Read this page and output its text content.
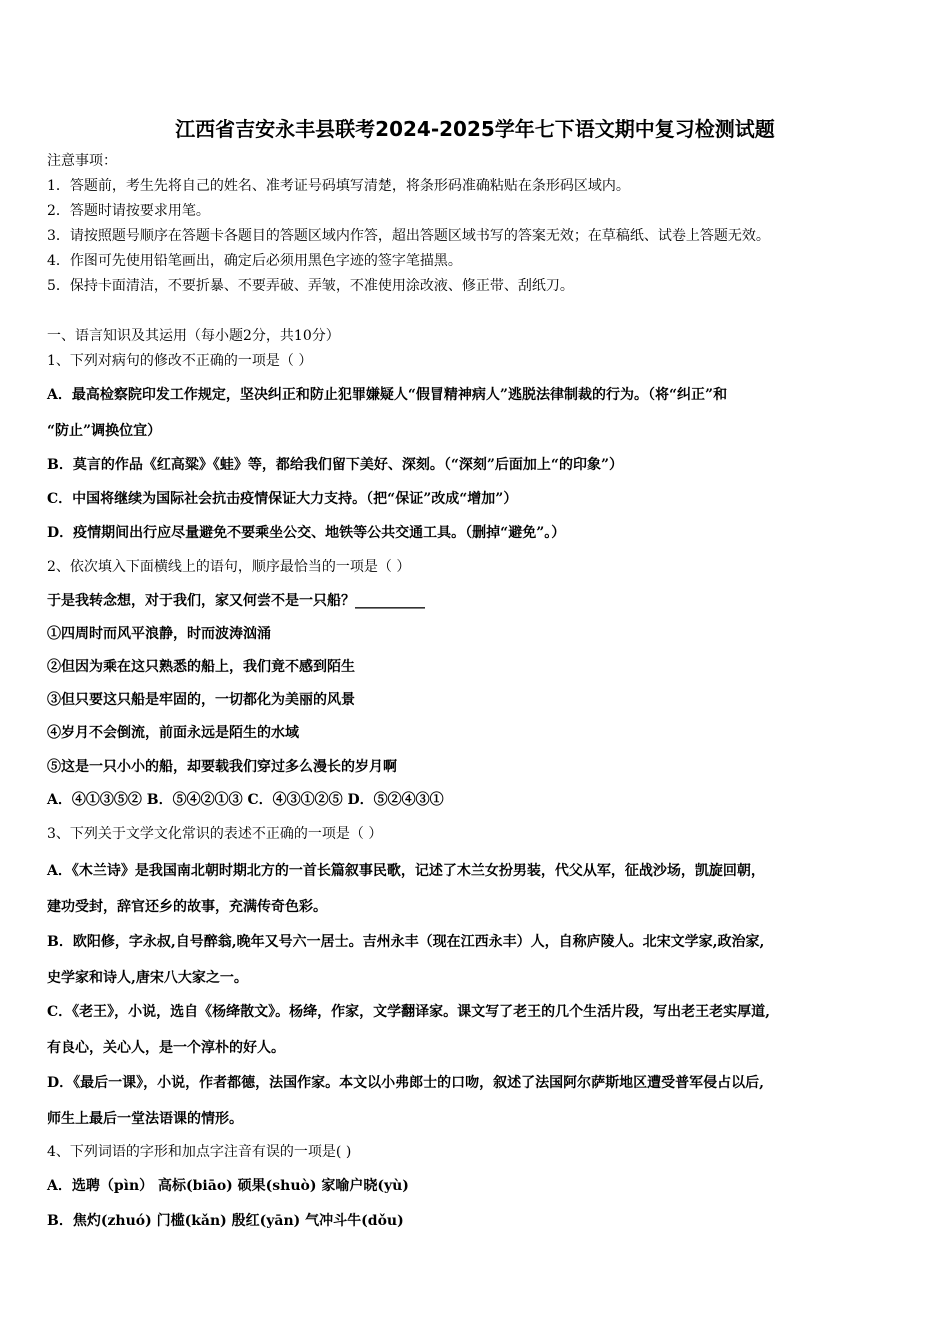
江西省吉安永丰县联考2024-2025学年七下语文期中复习检测试题
注意事项：
1．答题前，考生先将自己的姓名、准考证号码填写清楚，将条形码准确粘贴在条形码区域内。
2．答题时请按要求用笔。
3．请按照题号顺序在答题卡各题目的答题区域内作答，超出答题区域书写的答案无效；在草稿纸、试卷上答题无效。
4．作图可先使用铅笔画出，确定后必须用黑色字迹的签字笔描黑。
5．保持卡面清洁，不要折暴、不要弄破、弄皱，不准使用涂改液、修正带、刮纸刀。
一、语言知识及其运用（每小题2分，共10分）
1、下列对病句的修改不正确的一项是（ ）
A．最高检察院印发工作规定，坚决纠正和防止犯罪嫌疑人“假冒精神病人”逃脱法律制裁的行为。（将“纠正”和
“防止”调换位宜）
B．莫言的作品《红高粱》《蛙》等，都给我们留下美好、深刻。（“深刻”后面加上“的印象”）
C．中国将继续为国际社会抗击疫情保证大力支持。（把“保证”改成“增加”）
D．疫情期间出行应尽量避免不要乘坐公交、地铁等公共交通工具。（删掉“避免”。）
2、依次填入下面横线上的语句，顺序最恰当的一项是（ ）
于是我转念想，对于我们，家又何尝不是一只船？__________
①四周时而风平浪静，时而波涛汹涌
②但因为乘在这只熟悉的船上，我们竟不感到陌生
③但只要这只船是牢固的，一切都化为美丽的风景
④岁月不会倒流，前面永远是陌生的水域
⑤这是一只小小的船，却要载我们穿过多么漫长的岁月啊
A．④①③⑤② B．⑤④②①③ C．④③①②⑤ D．⑤②④③①
3、下列关于文学文化常识的表述不正确的一项是（ ）
A．《木兰诗》是我国南北朝时期北方的一首长篇叙事民歌，记述了木兰女扮男装，代父从军，征战沙场，凯旋回朝，
建功受封，辞官还乡的故事，充满传奇色彩。
B．欧阳修，字永叔,自号醉翁,晚年又号六一居士。吉州永丰（现在江西永丰）人，自称庐陵人。北宋文学家,政治家,
史学家和诗人,唐宋八大家之一。
C．《老王》，小说，选自《杨绛散文》。杨绛，作家，文学翻译家。课文写了老王的几个生活片段，写出老王老实厚道,
有良心，关心人，是一个淳朴的好人。
D．《最后一课》，小说，作者都德，法国作家。本文以小弗郎士的口吻，叙述了法国阿尔萨斯地区遭受普军侵占以后,
师生上最后一堂法语课的情形。
4、下列词语的字形和加点字注音有误的一项是( )
A．选聘（pìn） 高标(biāo) 硕果(shuò) 家喻户晓(yù)
B．焦灼(zhuó) 门槛(kǎn) 殷红(yān) 气冲斗牛(dǒu)
